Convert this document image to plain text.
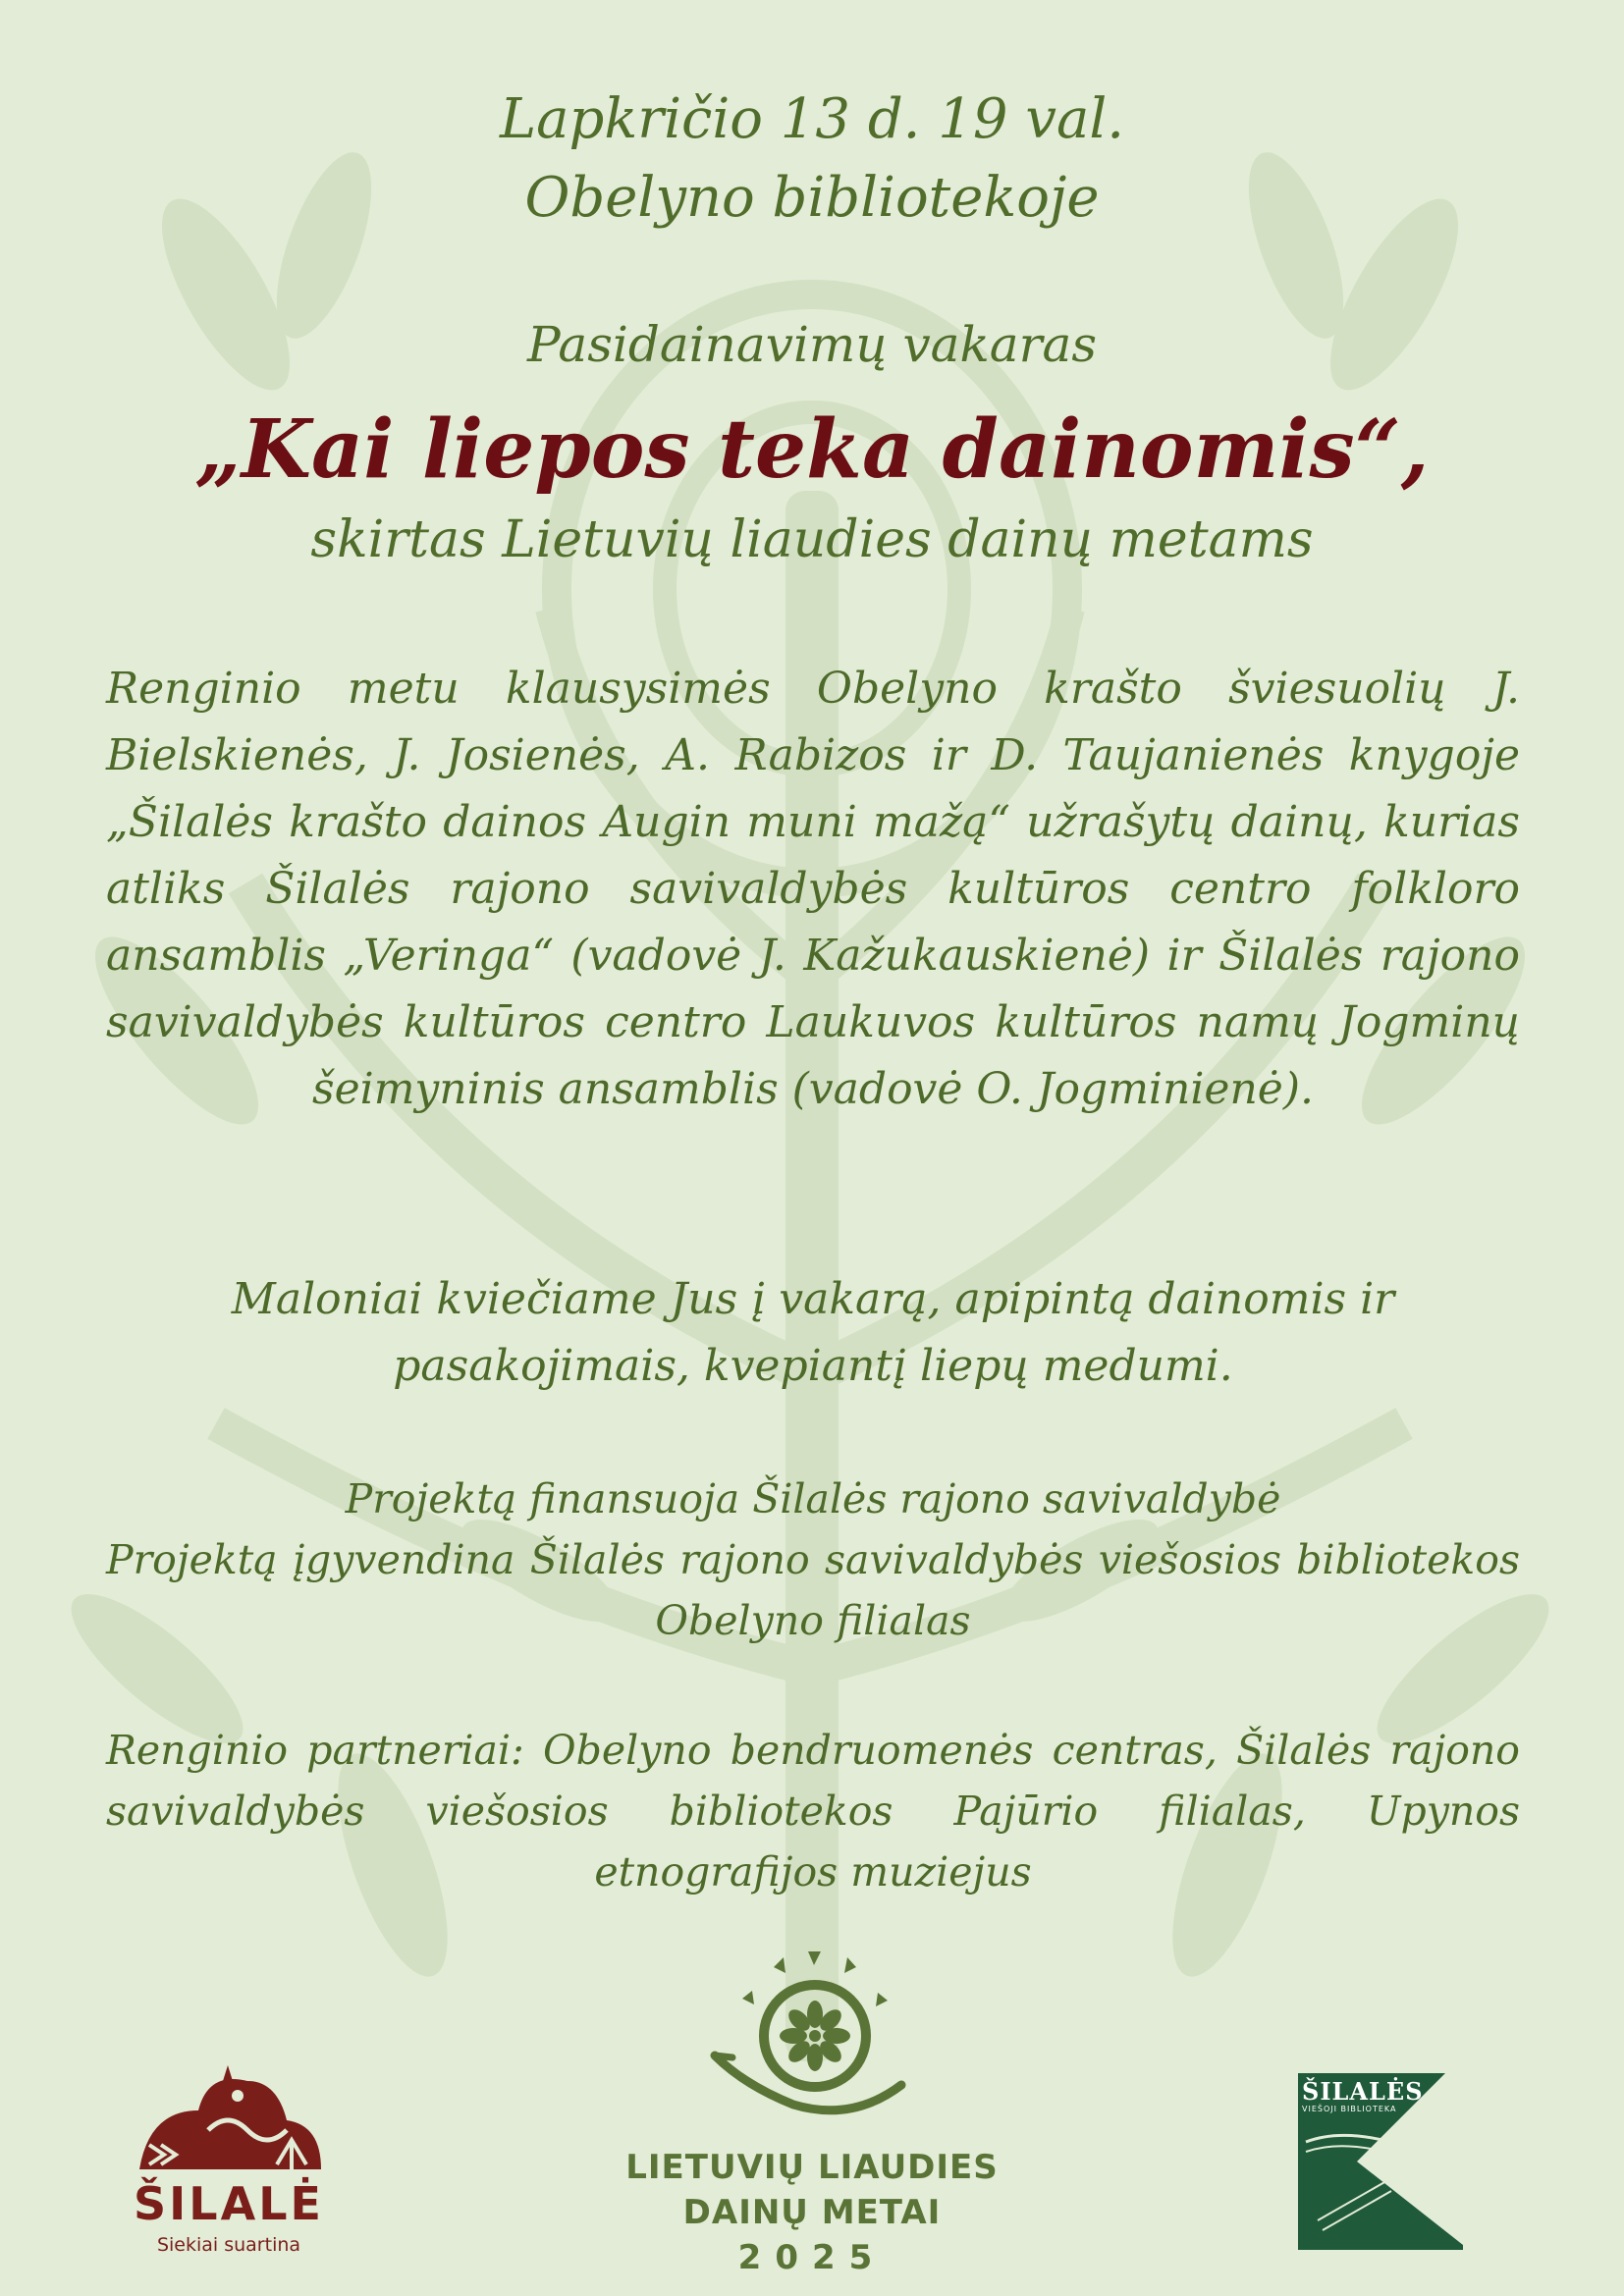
Lapkričio 13 d. 19 val.
Obelyno bibliotekoje
Pasidainavimų vakaras
„Kai liepos teka dainomis“,
skirtas Lietuvių liaudies dainų metams
Renginio metu klausysimės Obelyno krašto šviesuolių J. Bielskienės, J. Josienės, A. Rabizos ir D. Taujanienės knygoje „Šilalės krašto dainos Augin muni mažą“ užrašytų dainų, kurias atliks Šilalės rajono savivaldybės kultūros centro folkloro ansamblis „Veringa“ (vadovė J. Kažukauskienė) ir Šilalės rajono savivaldybės kultūros centro Laukuvos kultūros namų Jogminų šeimyninis ansamblis (vadovė O. Jogminienė).
Maloniai kviečiame Jus į vakarą, apipintą dainomis ir pasakojimais, kvepiantį liepų medumi.
Projektą finansuoja Šilalės rajono savivaldybė
Projektą įgyvendina Šilalės rajono savivaldybės viešosios bibliotekos Obelyno filialas
Renginio partneriai: Obelyno bendruomenės centras, Šilalės rajono savivaldybės viešosios bibliotekos Pajūrio filialas, Upynos etnografijos muziejus
ŠILALĖ
Siekiai suartina
LIETUVIŲ LIAUDIES
DAINŲ METAI
2025
ŠILALĖS
VIEŠOJI BIBLIOTEKA
